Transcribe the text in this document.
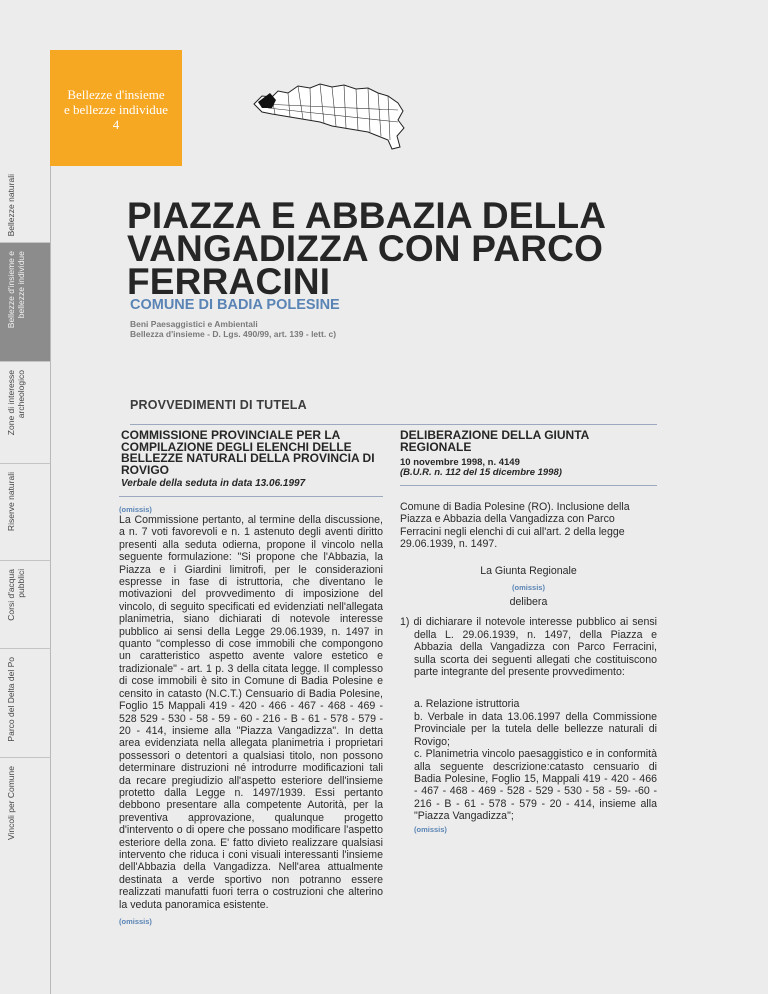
Bellezze naturali
Bellezze d'insieme e
bellezze individue
Zone di interesse
archeologico
Riserve naturali
Corsi d'acqua
pubblici
Parco del Delta del Po
Vincoli per Comune
Bellezze d'insieme
e bellezze individue
4
PIAZZA E ABBAZIA DELLA VANGADIZZA CON PARCO FERRACINI
COMUNE DI BADIA POLESINE
Beni Paesaggistici e Ambientali
Bellezza d'insieme - D. Lgs. 490/99, art. 139 - lett. c)
PROVVEDIMENTI DI TUTELA
COMMISSIONE PROVINCIALE PER LA COMPILAZIONE DEGLI ELENCHI DELLE BELLEZZE NATURALI DELLA PROVINCIA DI ROVIGO
Verbale della seduta in data 13.06.1997
(omissis)
La Commissione pertanto, al termine della discussione, a n. 7 voti favorevoli e n. 1 astenuto degli aventi diritto presenti alla seduta odierna, propone il vincolo nella seguente formulazione: "Si propone che l'Abbazia, la Piazza e i Giardini limitrofi, per le considerazioni espresse in fase di istruttoria, che diventano le motivazioni del provvedimento di imposizione del vincolo, di seguito specificati ed evidenziati nell'allegata planimetria, siano dichiarati di notevole interesse pubblico ai sensi della Legge 29.06.1939, n. 1497 in quanto "complesso di cose immobili che compongono un caratteristico aspetto avente valore estetico e tradizionale" - art. 1 p. 3 della citata legge. Il complesso di cose immobili è sito in Comune di Badia Polesine e censito in catasto (N.C.T.) Censuario di Badia Polesine, Foglio 15 Mappali 419 - 420 - 466 - 467 - 468 - 469 - 528 529 - 530 - 58 - 59 - 60 - 216 - B - 61 - 578 - 579 - 20 - 414, insieme alla "Piazza Vangadizza". In detta area evidenziata nella allegata planimetria i proprietari possessori o detentori a qualsiasi titolo, non possono determinare distruzioni né introdurre modificazioni tali da recare pregiudizio all'aspetto esteriore dell'insieme protetto dalla Legge n. 1497/1939. Essi pertanto debbono presentare alla competente Autorità, per la preventiva approvazione, qualunque progetto d'intervento o di opere che possano modificare l'aspetto esteriore della zona. E' fatto divieto realizzare qualsiasi intervento che riduca i coni visuali interessanti l'insieme dell'Abbazia della Vangadizza. Nell'area attualmente destinata a verde sportivo non potranno essere realizzati manufatti fuori terra o costruzioni che alterino la veduta panoramica esistente.
(omissis)
DELIBERAZIONE DELLA GIUNTA REGIONALE
10 novembre 1998, n. 4149
(B.U.R. n. 112 del 15 dicembre 1998)
Comune di Badia Polesine (RO). Inclusione della Piazza e Abbazia della Vangadizza con Parco Ferracini negli elenchi di cui all'art. 2 della legge 29.06.1939, n. 1497.
La Giunta Regionale
(omissis)
delibera
1) di dichiarare il notevole interesse pubblico ai sensi della L. 29.06.1939, n. 1497, della Piazza e Abbazia della Vangadizza con Parco Ferracini, sulla scorta dei seguenti allegati che costituiscono parte integrante del presente provvedimento:
a. Relazione istruttoria
b. Verbale in data 13.06.1997 della Commissione Provinciale per la tutela delle bellezze naturali di Rovigo;
c. Planimetria vincolo paesaggistico e in conformità alla seguente descrizione:catasto censuario di Badia Polesine, Foglio 15, Mappali 419 - 420 - 466 - 467 - 468 - 469 - 528 - 529 - 530 - 58 - 59- -60 - 216 - B - 61 - 578 - 579 - 20 - 414, insieme alla "Piazza Vangadizza";
(omissis)
